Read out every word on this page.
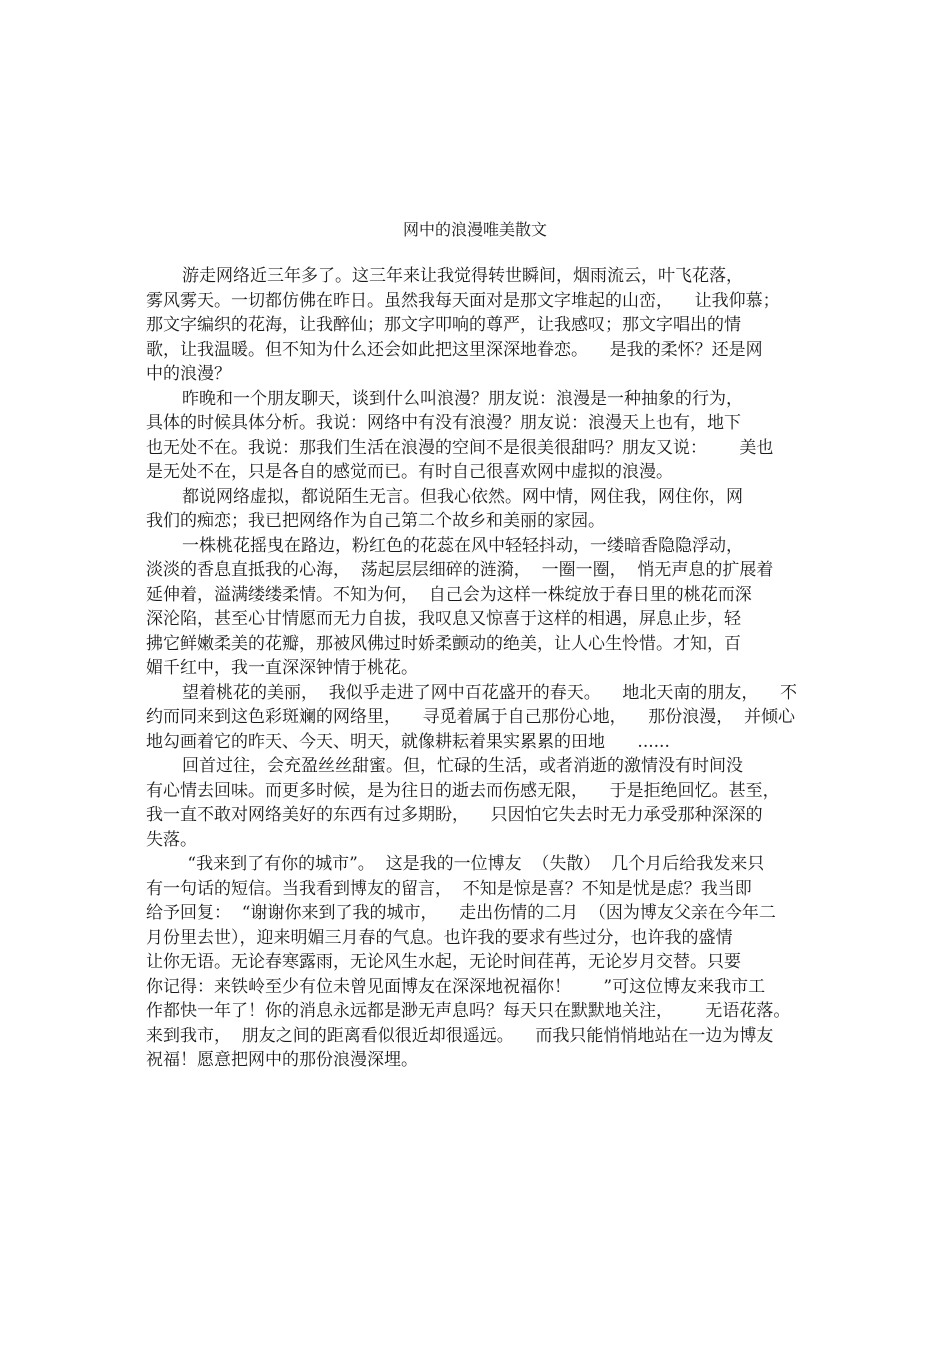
网中的浪漫唯美散文
游走网络近三年多了。这三年来让我觉得转世瞬间，烟雨流云，叶飞花落，
雾风雾天。一切都仿佛在昨日。虽然我每天面对是那文字堆起的山峦，    让我仰慕；
那文字编织的花海，让我醉仙；那文字叩响的尊严，让我感叹；那文字唱出的情
歌，让我温暖。但不知为什么还会如此把这里深深地眷恋。    是我的柔怀？还是网
中的浪漫？
昨晚和一个朋友聊天，谈到什么叫浪漫？朋友说：浪漫是一种抽象的行为，
具体的时候具体分析。我说：网络中有没有浪漫？朋友说：浪漫天上也有，地下
也无处不在。我说：那我们生活在浪漫的空间不是很美很甜吗？朋友又说：      美也
是无处不在，只是各自的感觉而已。有时自己很喜欢网中虚拟的浪漫。
都说网络虚拟，都说陌生无言。但我心依然。网中情，网住我，网住你，网
我们的痴恋；我已把网络作为自己第二个故乡和美丽的家园。
一株桃花摇曳在路边，粉红色的花蕊在风中轻轻抖动，一缕暗香隐隐浮动，
淡淡的香息直抵我的心海，  荡起层层细碎的涟漪，  一圈一圈，  悄无声息的扩展着
延伸着，溢满缕缕柔情。不知为何，  自己会为这样一株绽放于春日里的桃花而深
深沦陷，甚至心甘情愿而无力自拔，我叹息又惊喜于这样的相遇，屏息止步，轻
拂它鲜嫩柔美的花瓣，那被风佛过时娇柔颤动的绝美，让人心生怜惜。才知，百
媚千红中，我一直深深钟情于桃花。
望着桃花的美丽，  我似乎走进了网中百花盛开的春天。    地北天南的朋友，    不
约而同来到这色彩斑斓的网络里，    寻觅着属于自己那份心地，    那份浪漫，  并倾心
地勾画着它的昨天、今天、明天，就像耕耘着果实累累的田地      ......
回首过往，会充盈丝丝甜蜜。但，忙碌的生活，或者消逝的激情没有时间没
有心情去回味。而更多时候，是为往日的逝去而伤感无限，    于是拒绝回忆。甚至，
我一直不敢对网络美好的东西有过多期盼，    只因怕它失去时无力承受那种深深的
失落。
“我来到了有你的城市”。  这是我的一位博友  （失散）  几个月后给我发来只
有一句话的短信。当我看到博友的留言，  不知是惊是喜？不知是忧是虑？我当即
给予回复：  “谢谢你来到了我的城市，    走出伤情的二月  （因为博友父亲在今年二
月份里去世），迎来明媚三月春的气息。也许我的要求有些过分，也许我的盛情
让你无语。无论春寒露雨，无论风生水起，无论时间荏苒，无论岁月交替。只要
你记得：来铁岭至少有位未曾见面博友在深深地祝福你！      ”可这位博友来我市工
作都快一年了！你的消息永远都是渺无声息吗？每天只在默默地关注，      无语花落。
来到我市，  朋友之间的距离看似很近却很遥远。    而我只能悄悄地站在一边为博友
祝福！愿意把网中的那份浪漫深埋。
